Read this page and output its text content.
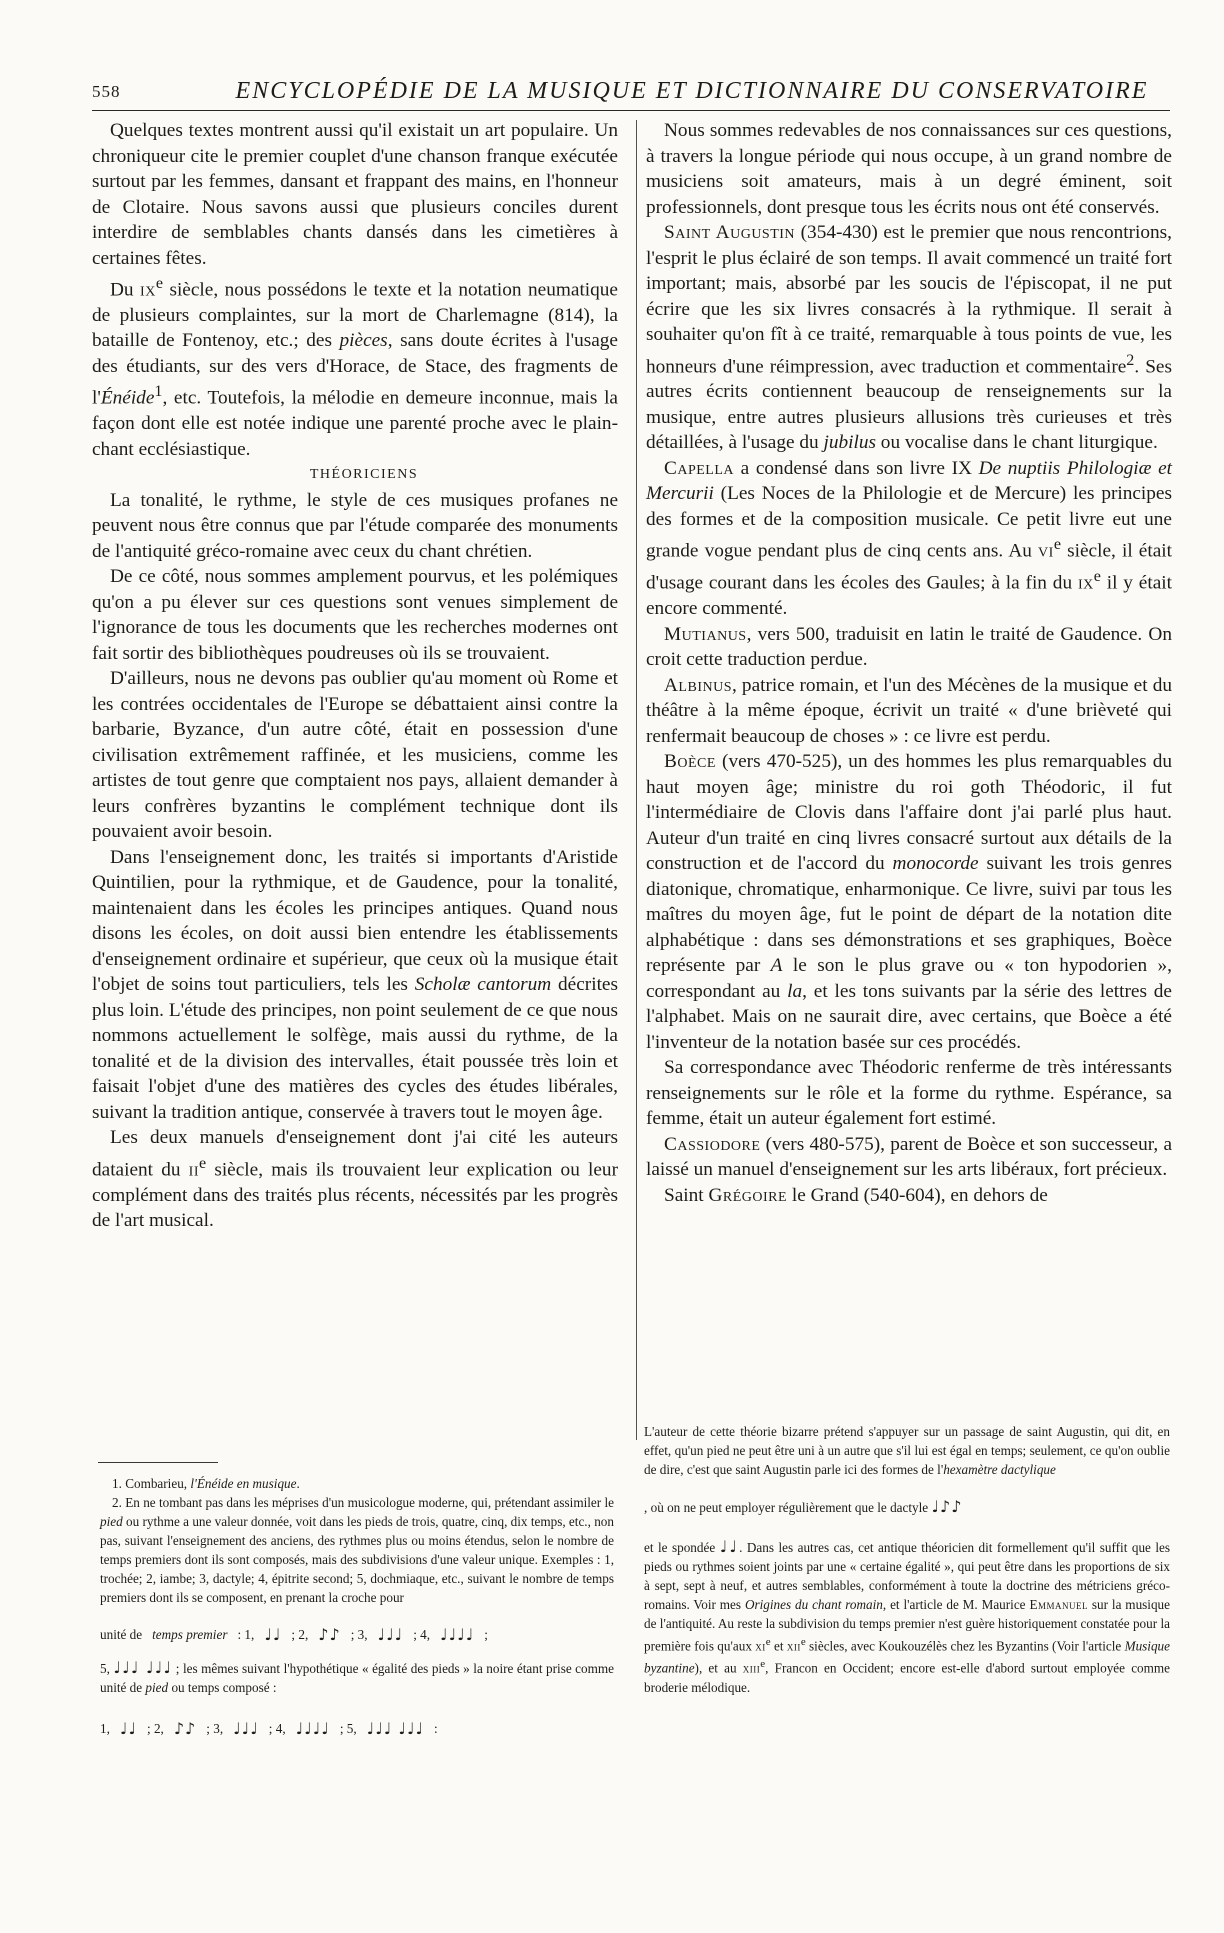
558	ENCYCLOPÉDIE DE LA MUSIQUE ET DICTIONNAIRE DU CONSERVATOIRE

Quelques textes montrent aussi qu'il existait un art populaire. Un chroniqueur cite le premier couplet d'une chanson franque exécutée surtout par les femmes, dansant et frappant des mains, en l'honneur de Clotaire. Nous savons aussi que plusieurs conciles durent interdire de semblables chants dansés dans les cimetières à certaines fêtes.

Du $ix^e$ siècle, nous possédons le texte et la notation neumatique de plusieurs complaintes, sur la mort de Charlemagne (814), la bataille de Fontenoy, etc.; des pièces, sans doute écrites à l'usage des étudiants, sur des vers d'Horace, de Stace, des fragments de l'Énéide$^1$, etc. Toutefois, la mélodie en demeure inconnue, mais la façon dont elle est notée indique une parenté proche avec le plain-chant ecclésiastique.

THÉORICIENS

La tonalité, le rythme, le style de ces musiques profanes ne peuvent nous être connus que par l'étude comparée des monuments de l'antiquité gréco-romaine avec ceux du chant chrétien.

De ce côté, nous sommes amplement pourvus, et les polémiques qu'on a pu élever sur ces questions sont venues simplement de l'ignorance de tous les documents que les recherches modernes ont fait sortir des bibliothèques poudreuses où ils se trouvaient.

D'ailleurs, nous ne devons pas oublier qu'au moment où Rome et les contrées occidentales de l'Europe se débattaient ainsi contre la barbarie, Byzance, d'un autre côté, était en possession d'une civilisation extrêmement raffinée, et les musiciens, comme les artistes de tout genre que comptaient nos pays, allaient demander à leurs confrères byzantins le complément technique dont ils pouvaient avoir besoin.

Dans l'enseignement donc, les traités si importants d'Aristide Quintilien, pour la rythmique, et de Gaudence, pour la tonalité, maintenaient dans les écoles les principes antiques. Quand nous disons les écoles, on doit aussi bien entendre les établissements d'enseignement ordinaire et supérieur, que ceux où la musique était l'objet de soins tout particuliers, tels les Scholæ cantorum décrites plus loin. L'étude des principes, non point seulement de ce que nous nommons actuellement le solfège, mais aussi du rythme, de la tonalité et de la division des intervalles, était poussée très loin et faisait l'objet d'une des matières des cycles des études libérales, suivant la tradition antique, conservée à travers tout le moyen âge.

Les deux manuels d'enseignement dont j'ai cité les auteurs dataient du $ii^e$ siècle, mais ils trouvaient leur explication ou leur complément dans des traités plus récents, nécessités par les progrès de l'art musical.

Nous sommes redevables de nos connaissances sur ces questions, à travers la longue période qui nous occupe, à un grand nombre de musiciens soit amateurs, mais à un degré éminent, soit professionnels, dont presque tous les écrits nous ont été conservés.

Saint Augustin (354-430) est le premier que nous rencontrions, l'esprit le plus éclairé de son temps. Il avait commencé un traité fort important; mais, absorbé par les soucis de l'épiscopat, il ne put écrire que les six livres consacrés à la rythmique. Il serait à souhaiter qu'on fît à ce traité, remarquable à tous points de vue, les honneurs d'une réimpression, avec traduction et commentaire$^2$. Ses autres écrits contiennent beaucoup de renseignements sur la musique, entre autres plusieurs allusions très curieuses et très détaillées, à l'usage du jubilus ou vocalise dans le chant liturgique.

Capella a condensé dans son livre IX De nuptiis Philologiæ et Mercurii (Les Noces de la Philologie et de Mercure) les principes des formes et de la composition musicale. Ce petit livre eut une grande vogue pendant plus de cinq cents ans. Au $vi^e$ siècle, il était d'usage courant dans les écoles des Gaules; à la fin du $ix^e$ il y était encore commenté.

Mutianus, vers 500, traduisit en latin le traité de Gaudence. On croit cette traduction perdue.

Albinus, patrice romain, et l'un des Mécènes de la musique et du théâtre à la même époque, écrivit un traité « d'une brièveté qui renfermait beaucoup de choses » : ce livre est perdu.

Boèce (vers 470-525), un des hommes les plus remarquables du haut moyen âge; ministre du roi goth Théodoric, il fut l'intermédiaire de Clovis dans l'affaire dont j'ai parlé plus haut. Auteur d'un traité en cinq livres consacré surtout aux détails de la construction et de l'accord du monocorde suivant les trois genres diatonique, chromatique, enharmonique. Ce livre, suivi par tous les maîtres du moyen âge, fut le point de départ de la notation dite alphabétique : dans ses démonstrations et ses graphiques, Boèce représente par A le son le plus grave ou « ton hypodorien », correspondant au la, et les tons suivants par la série des lettres de l'alphabet. Mais on ne saurait dire, avec certains, que Boèce a été l'inventeur de la notation basée sur ces procédés.

Sa correspondance avec Théodoric renferme de très intéressants renseignements sur le rôle et la forme du rythme. Espérance, sa femme, était un auteur également fort estimé.

Cassiodore (vers 480-575), parent de Boèce et son successeur, a laissé un manuel d'enseignement sur les arts libéraux, fort précieux.

Saint Grégoire le Grand (540-604), en dehors de

1. Combarieu, l'Énéide en musique.

2. En ne tombant pas dans les méprises d'un musicologue moderne, qui, prétendant assimiler le pied ou rythme a une valeur donnée, voit dans les pieds de trois, quatre, cinq, dix temps, etc., non pas, suivant l'enseignement des anciens, des rythmes plus ou moins étendus, selon le nombre de temps premiers dont ils sont composés, mais des subdivisions d'une valeur unique. Exemples : 1, trochée; 2, iambe; 3, dactyle; 4, épitrite second; 5, dochmiaque, etc., suivant le nombre de temps premiers dont ils se composent, en prenant la croche pour

unité de temps premier : 1, ♩♩ ; 2, ♪♪ ; 3, ♩♩♩ ; 4, ♩♩♩♩ ;
5, ♩♩♩ ♩♩♩ ; les mêmes suivant l'hypothétique « égalité des pieds » la noire étant prise comme unité de pied ou temps composé :
1, ♩♩ ; 2, ♪♪ ; 3, ♩♩♩ ; 4, ♩♩♩♩ ; 5, ♩♩♩ ♩♩♩ :

L'auteur de cette théorie bizarre prétend s'appuyer sur un passage de saint Augustin, qui dit, en effet, qu'un pied ne peut être uni à un autre que s'il lui est égal en temps; seulement, ce qu'on oublie de dire, c'est que saint Augustin parle ici des formes de l'hexamètre dactylique

, où on ne peut employer régulièrement que le dactyle ♩♪♪

et le spondée ♩♩. Dans les autres cas, cet antique théoricien dit formellement qu'il suffit que les pieds ou rythmes soient joints par une « certaine égalité », qui peut être dans les proportions de six à sept, sept à neuf, et autres semblables, conformément à toute la doctrine des métriciens gréco-romains. Voir mes Origines du chant romain, et l'article de M. Maurice Emmanuel sur la musique de l'antiquité. Au reste la subdivision du temps premier n'est guère historiquement constatée pour la première fois qu'aux $xi^e$ et xii$^e$ siècles, avec Koukouzélès chez les Byzantins (Voir l'article Musique byzantine), et au xiii$^e$, Francon en Occident; encore est-elle d'abord surtout employée comme broderie mélodique.
